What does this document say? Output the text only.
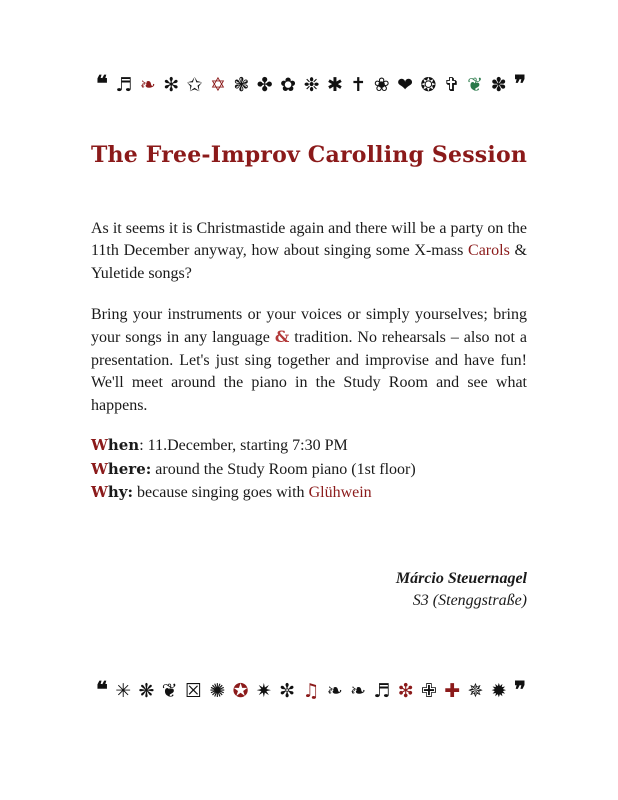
❝ ♬ ❧ ✻ ✩ ✡ ❃ ✤ ✿ ❉ ✱ ✝ ❀ ❤ ❂ ✞ ❦ ✽ ❞
The Free-Improv Carolling Session
As it seems it is Christmastide again and there will be a party on the 11th December anyway, how about singing some X-mass Carols & Yuletide songs?
Bring your instruments or your voices or simply yourselves; bring your songs in any language & tradition. No rehearsals – also not a presentation. Let's just sing together and improvise and have fun! We'll meet around the piano in the Study Room and see what happens.
When: 11.December, starting 7:30 PM
Where: around the Study Room piano (1st floor)
Why: because singing goes with Glühwein
Márcio Steuernagel
S3 (Stenggstraße)
❝ ✳ ❋ ❦ ☒ ✺ ✪ ✷ ✼ ♫ ❧ ❧ ♬ ❇ ✙ ✚ ✵ ✹ ❞
